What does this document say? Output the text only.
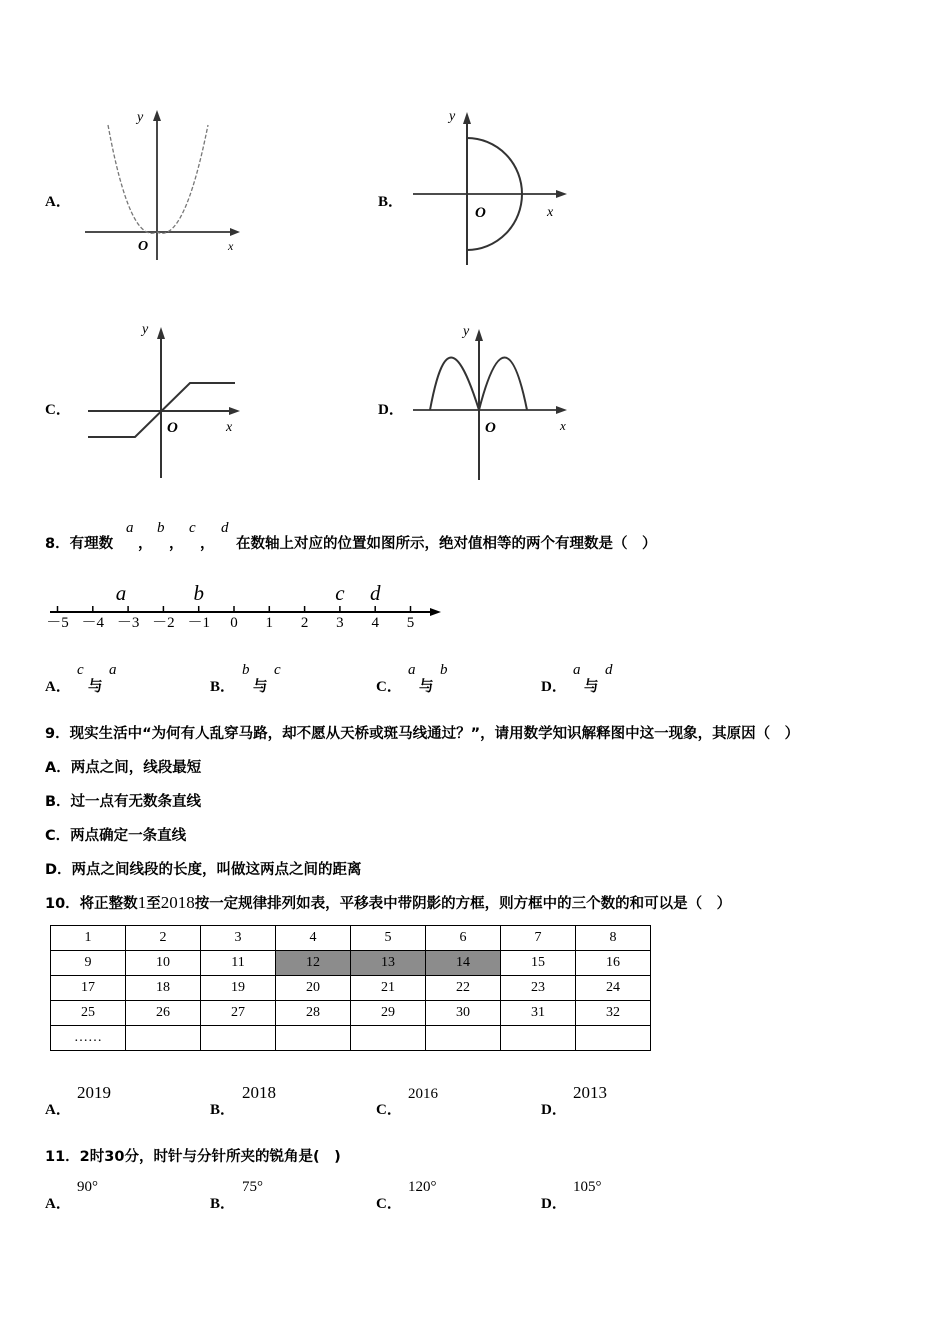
A．
y
x
O
B．
y
x
O
C．
y
x
O
D．
y
x
O
8．有理数
a
，
b
，
c
，
d
在数轴上对应的位置如图所示，绝对值相等的两个有理数是（　）
－5 －4 －3 －2 －1 0 1 2 3 4 5
a	b	c d
A．
c
与
a
B．
b
与
c
C．
a
与
b
D．
a
与
d
9．现实生活中“为何有人乱穿马路，却不愿从天桥或斑马线通过？”，请用数学知识解释图中这一现象，其原因（　）
A．两点之间，线段最短
B．过一点有无数条直线
C．两点确定一条直线
D．两点之间线段的长度，叫做这两点之间的距离
10．将正整数1至2018按一定规律排列如表，平移表中带阴影的方框，则方框中的三个数的和可以是（　）
1	2	3	4	5	6	7	8
9	10	11	12	13	14	15	16
17	18	19	20	21	22	23	24
25	26	27	28	29	30	31	32
……							
A．
2019
B．
2018
C．
2016
D．
2013
11．2时30分，时针与分针所夹的锐角是(　)
A．
90°
B．
75°
C．
120°
D．
105°
